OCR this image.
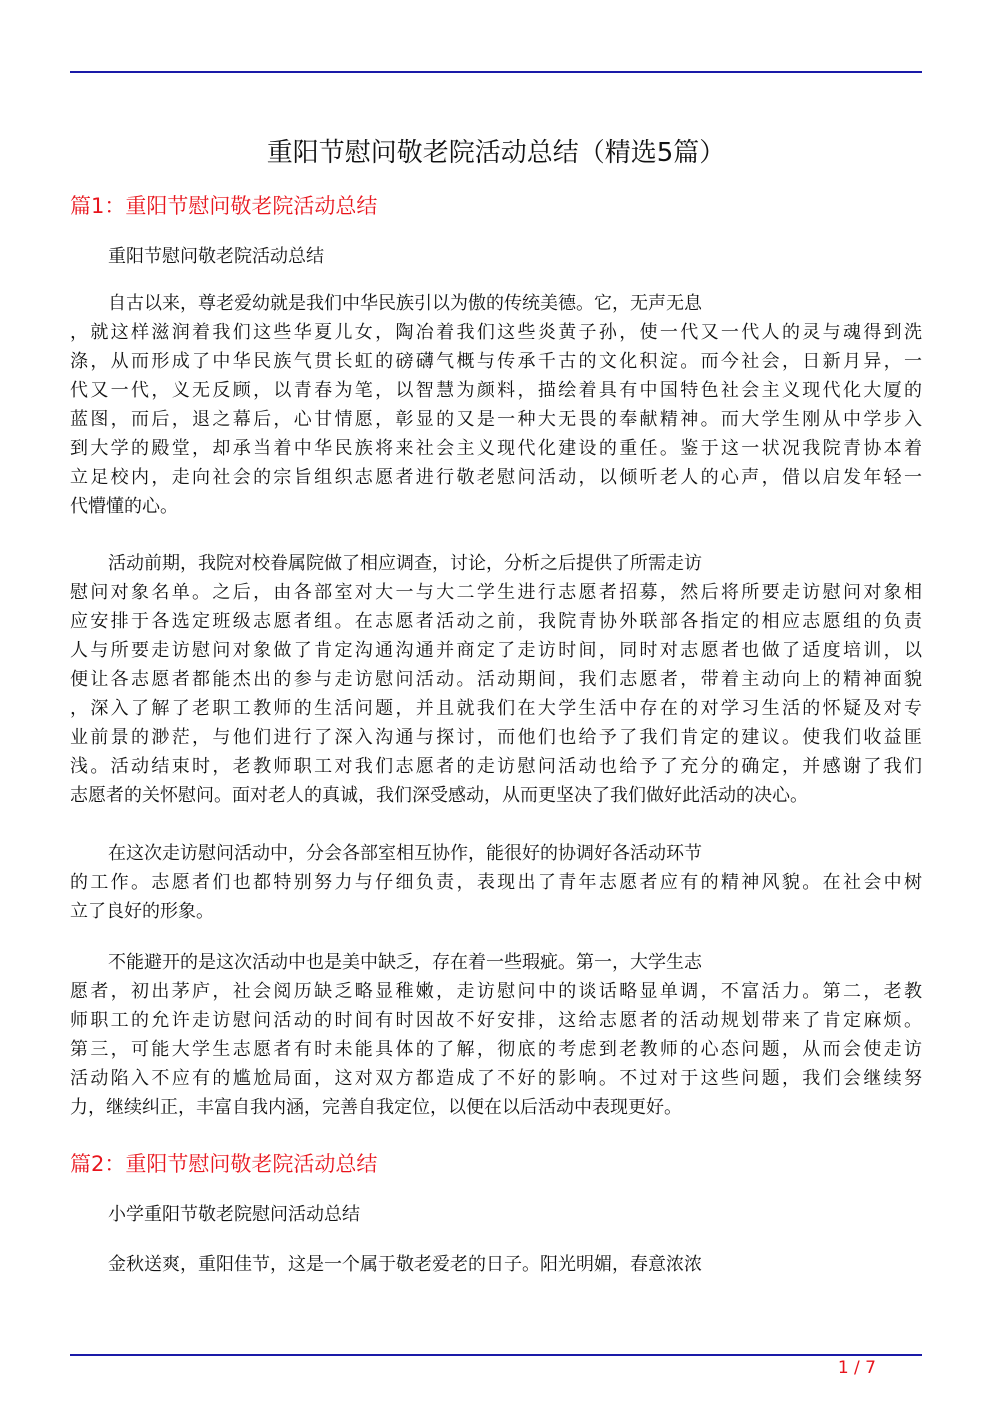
重阳节慰问敬老院活动总结（精选5篇）
篇1：重阳节慰问敬老院活动总结
重阳节慰问敬老院活动总结
自古以来，尊老爱幼就是我们中华民族引以为傲的传统美德。它，无声无息
，就这样滋润着我们这些华夏儿女，陶冶着我们这些炎黄子孙，使一代又一代人的灵与魂得到洗
涤，从而形成了中华民族气贯长虹的磅礴气概与传承千古的文化积淀。而今社会，日新月异，一
代又一代，义无反顾，以青春为笔，以智慧为颜料，描绘着具有中国特色社会主义现代化大厦的
蓝图，而后，退之幕后，心甘情愿，彰显的又是一种大无畏的奉献精神。而大学生刚从中学步入
到大学的殿堂，却承当着中华民族将来社会主义现代化建设的重任。鉴于这一状况我院青协本着
立足校内，走向社会的宗旨组织志愿者进行敬老慰问活动，以倾听老人的心声，借以启发年轻一
代懵懂的心。
活动前期，我院对校眷属院做了相应调查，讨论，分析之后提供了所需走访
慰问对象名单。之后，由各部室对大一与大二学生进行志愿者招募，然后将所要走访慰问对象相
应安排于各选定班级志愿者组。在志愿者活动之前，我院青协外联部各指定的相应志愿组的负责
人与所要走访慰问对象做了肯定沟通沟通并商定了走访时间，同时对志愿者也做了适度培训，以
便让各志愿者都能杰出的参与走访慰问活动。活动期间，我们志愿者，带着主动向上的精神面貌
，深入了解了老职工教师的生活问题，并且就我们在大学生活中存在的对学习生活的怀疑及对专
业前景的渺茫，与他们进行了深入沟通与探讨，而他们也给予了我们肯定的建议。使我们收益匪
浅。活动结束时，老教师职工对我们志愿者的走访慰问活动也给予了充分的确定，并感谢了我们
志愿者的关怀慰问。面对老人的真诚，我们深受感动，从而更坚决了我们做好此活动的决心。
在这次走访慰问活动中，分会各部室相互协作，能很好的协调好各活动环节
的工作。志愿者们也都特别努力与仔细负责，表现出了青年志愿者应有的精神风貌。在社会中树
立了良好的形象。
不能避开的是这次活动中也是美中缺乏，存在着一些瑕疵。第一，大学生志
愿者，初出茅庐，社会阅历缺乏略显稚嫩，走访慰问中的谈话略显单调，不富活力。第二，老教
师职工的允许走访慰问活动的时间有时因故不好安排，这给志愿者的活动规划带来了肯定麻烦。
第三，可能大学生志愿者有时未能具体的了解，彻底的考虑到老教师的心态问题，从而会使走访
活动陷入不应有的尴尬局面，这对双方都造成了不好的影响。不过对于这些问题，我们会继续努
力，继续纠正，丰富自我内涵，完善自我定位，以便在以后活动中表现更好。
篇2：重阳节慰问敬老院活动总结
小学重阳节敬老院慰问活动总结
金秋送爽，重阳佳节，这是一个属于敬老爱老的日子。阳光明媚，春意浓浓
1 / 7
